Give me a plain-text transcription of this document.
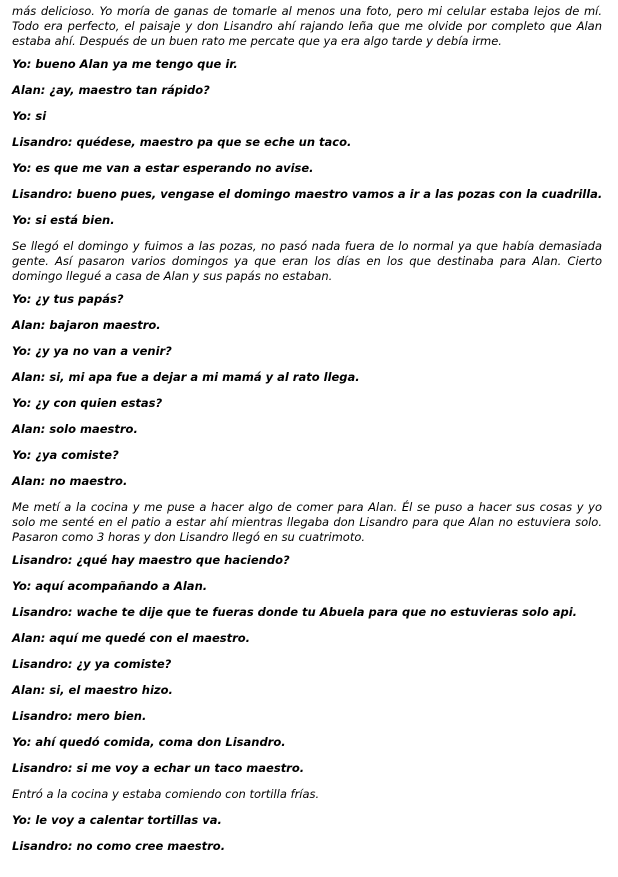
más delicioso. Yo moría de ganas de tomarle al menos una foto, pero mi celular estaba lejos de mí. Todo era perfecto, el paisaje y don Lisandro ahí rajando leña que me olvide por completo que Alan estaba ahí. Después de un buen rato me percate que ya era algo tarde y debía irme.

Yo: bueno Alan ya me tengo que ir.

Alan: ¿ay, maestro tan rápido?

Yo: si

Lisandro: quédese, maestro pa que se eche un taco.

Yo: es que me van a estar esperando no avise.

Lisandro: bueno pues, vengase el domingo maestro vamos a ir a las pozas con la cuadrilla.

Yo: si está bien.

Se llegó el domingo y fuimos a las pozas, no pasó nada fuera de lo normal ya que había demasiada gente. Así pasaron varios domingos ya que eran los días en los que destinaba para Alan. Cierto domingo llegué a casa de Alan y sus papás no estaban.

Yo: ¿y tus papás?

Alan: bajaron maestro.

Yo: ¿y ya no van a venir?

Alan: si, mi apa fue a dejar a mi mamá y al rato llega.

Yo: ¿y con quien estas?

Alan: solo maestro.

Yo: ¿ya comiste?

Alan: no maestro.

Me metí a la cocina y me puse a hacer algo de comer para Alan. Él se puso a hacer sus cosas y yo solo me senté en el patio a estar ahí mientras llegaba don Lisandro para que Alan no estuviera solo. Pasaron como 3 horas y don Lisandro llegó en su cuatrimoto.

Lisandro: ¿qué hay maestro que haciendo?

Yo: aquí acompañando a Alan.

Lisandro: wache te dije que te fueras donde tu Abuela para que no estuvieras solo api.

Alan: aquí me quedé con el maestro.

Lisandro: ¿y ya comiste?

Alan: si, el maestro hizo.

Lisandro: mero bien.

Yo: ahí quedó comida, coma don Lisandro.

Lisandro: si me voy a echar un taco maestro.

Entró a la cocina y estaba comiendo con tortilla frías.

Yo: le voy a calentar tortillas va.

Lisandro: no como cree maestro.
